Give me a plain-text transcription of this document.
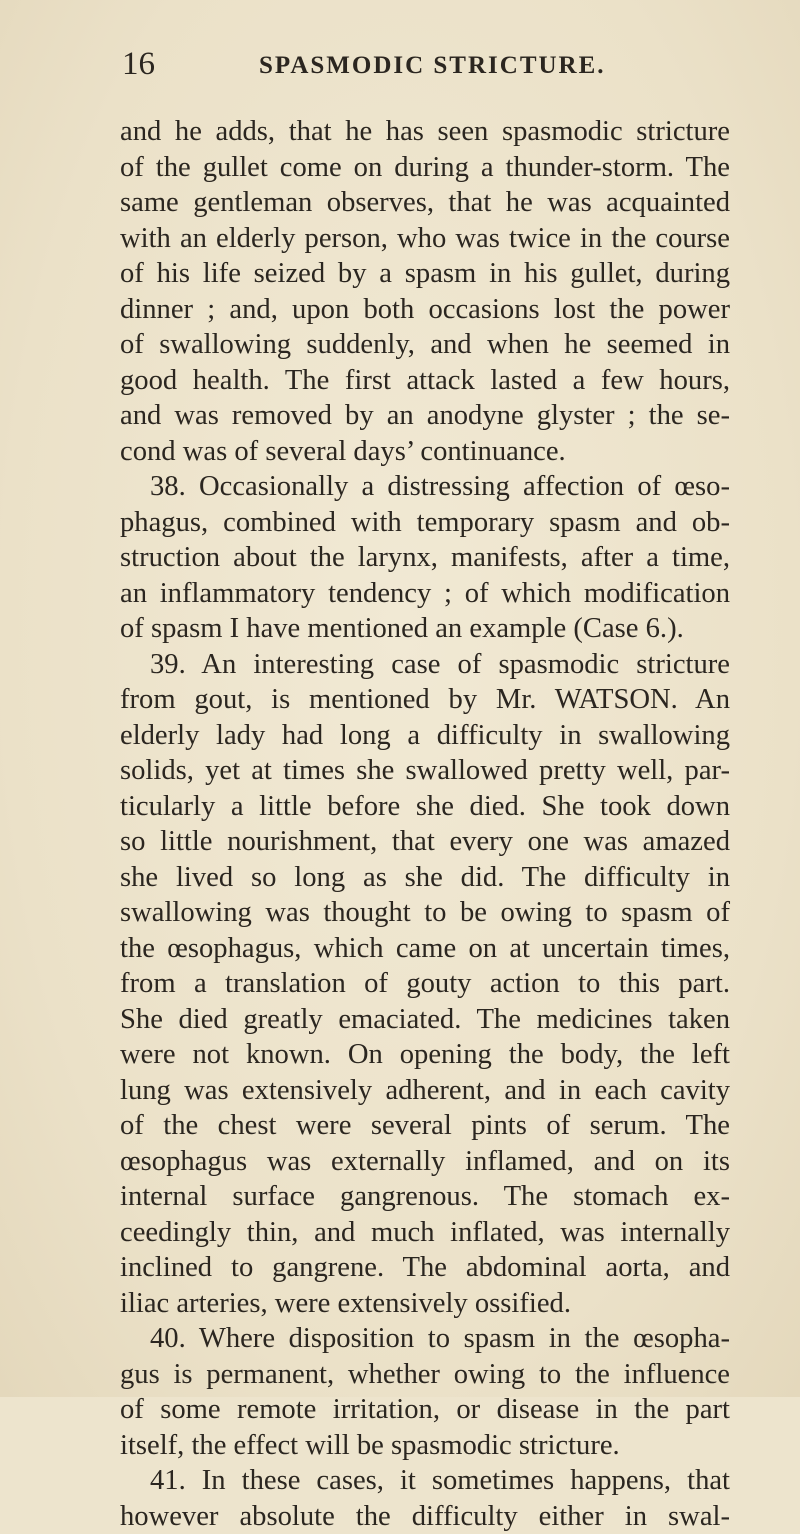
16	SPASMODIC STRICTURE.
and he adds, that he has seen spasmodic stricture
of the gullet come on during a thunder-storm. The
same gentleman observes, that he was acquainted
with an elderly person, who was twice in the course
of his life seized by a spasm in his gullet, during
dinner ; and, upon both occasions lost the power
of swallowing suddenly, and when he seemed in
good health. The first attack lasted a few hours,
and was removed by an anodyne glyster ; the se-
cond was of several days’ continuance.
38. Occasionally a distressing affection of œso-
phagus, combined with temporary spasm and ob-
struction about the larynx, manifests, after a time,
an inflammatory tendency ; of which modification
of spasm I have mentioned an example (Case 6.).
39. An interesting case of spasmodic stricture
from gout, is mentioned by Mr. WATSON. An
elderly lady had long a difficulty in swallowing
solids, yet at times she swallowed pretty well, par-
ticularly a little before she died. She took down
so little nourishment, that every one was amazed
she lived so long as she did. The difficulty in
swallowing was thought to be owing to spasm of
the œsophagus, which came on at uncertain times,
from a translation of gouty action to this part.
She died greatly emaciated. The medicines taken
were not known. On opening the body, the left
lung was extensively adherent, and in each cavity
of the chest were several pints of serum. The
œsophagus was externally inflamed, and on its
internal surface gangrenous. The stomach ex-
ceedingly thin, and much inflated, was internally
inclined to gangrene. The abdominal aorta, and
iliac arteries, were extensively ossified.
40. Where disposition to spasm in the œsopha-
gus is permanent, whether owing to the influence
of some remote irritation, or disease in the part
itself, the effect will be spasmodic stricture.
41. In these cases, it sometimes happens, that
however absolute the difficulty either in swal-
